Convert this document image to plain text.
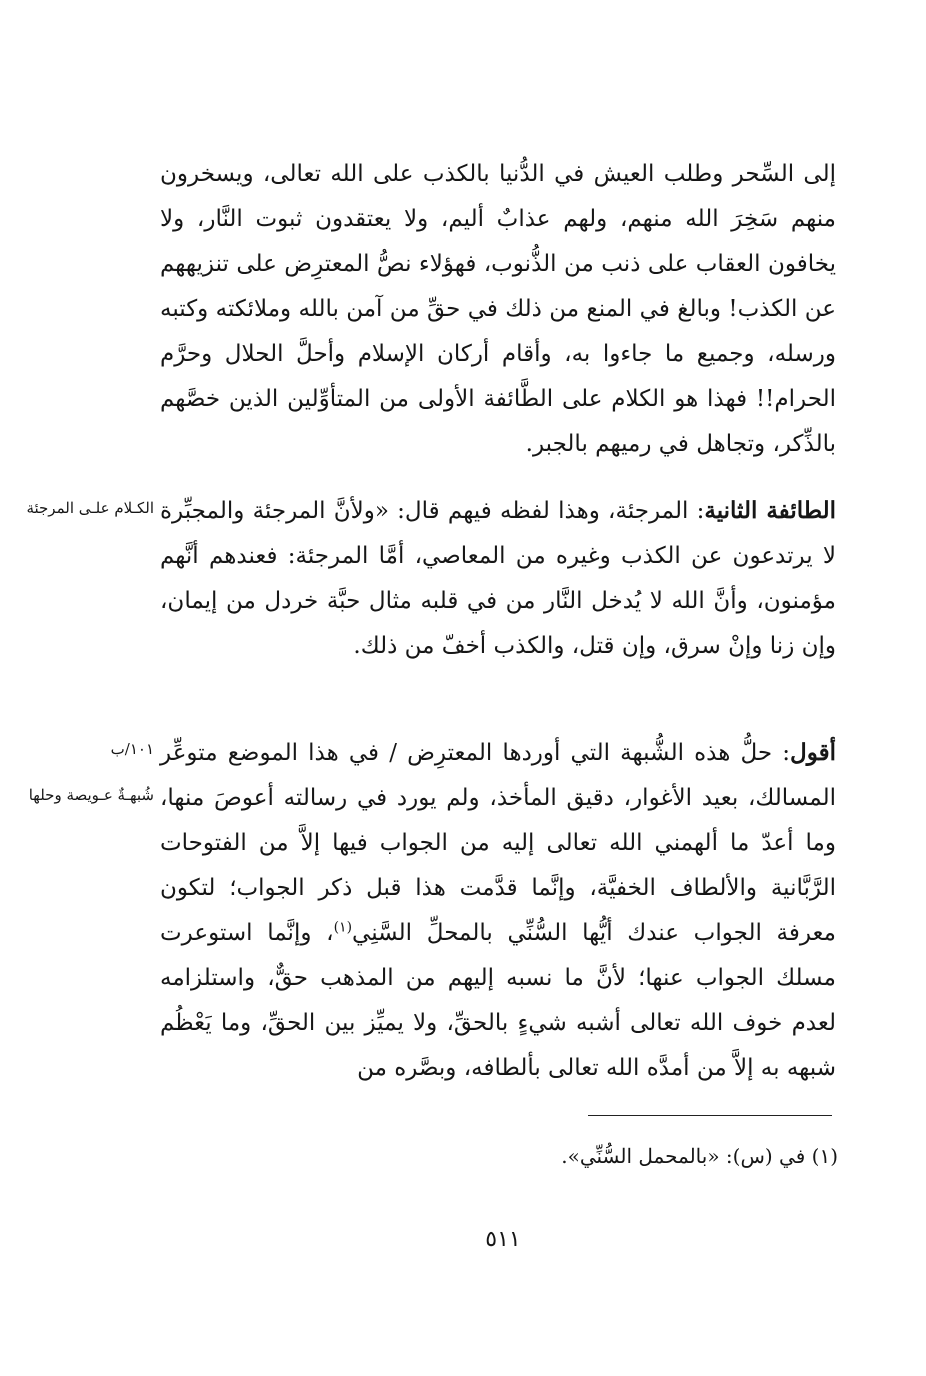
إلى السِّحر وطلب العيش في الدُّنيا بالكذب على الله تعالى، ويسخرون منهم سَخِرَ الله منهم، ولهم عذابٌ أليم، ولا يعتقدون ثبوت النَّار، ولا يخافون العقاب على ذنب من الذُّنوب، فهؤلاء نصُّ المعترِض على تنزيههم عن الكذب! وبالغ في المنع من ذلك في حقِّ من آمن بالله وملائكته وكتبه ورسله، وجميع ما جاءوا به، وأقام أركان الإسلام وأحلَّ الحلال وحرَّم الحرام!! فهذا هو الكلام على الطَّائفة الأولى من المتأوِّلين الذين خصَّهم بالذِّكر، وتجاهل في رميهم بالجبر.

الطائفة الثانية: المرجئة، وهذا لفظه فيهم قال: «ولأنَّ المرجئة والمجبِّرة لا يرتدعون عن الكذب وغيره من المعاصي، أمَّا المرجئة: فعندهم أنَّهم مؤمنون، وأنَّ الله لا يُدخل النَّار من في قلبه مثال حبَّة خردل من إيمان، وإن زنا وإنْ سرق، وإن قتل، والكذب أخفّ من ذلك.

أقول: حلُّ هذه الشُّبهة التي أوردها المعترِض / في هذا الموضع متوعِّر المسالك، بعيد الأغوار، دقيق المأخذ، ولم يورد في رسالته أعوصَ منها، وما أعدّ ما ألهمني الله تعالى إليه من الجواب فيها إلاَّ من الفتوحات الرَّبَّانية والألطاف الخفيَّة، وإنَّما قدَّمت هذا قبل ذكر الجواب؛ لتكون معرفة الجواب عندك أيُّها السُّنِّي بالمحلِّ السَّنِي$^{(١)}$، وإنَّما استوعرت مسلك الجواب عنها؛ لأنَّ ما نسبه إليهم من المذهب حقٌّ، واستلزامه لعدم خوف الله تعالى أشبه شيءٍ بالحقِّ، ولا يميِّز بين الحقِّ، وما يَعْظُم شبهه به إلاَّ من أمدَّه الله تعالى بألطافه، وبصَّره من

الكـلام علـى المرجئة

١٠١/ب

شُبهـةٌ عـويصة وحلها

(١) في (س): «بالمحمل السُّنِّي».

٥١١
